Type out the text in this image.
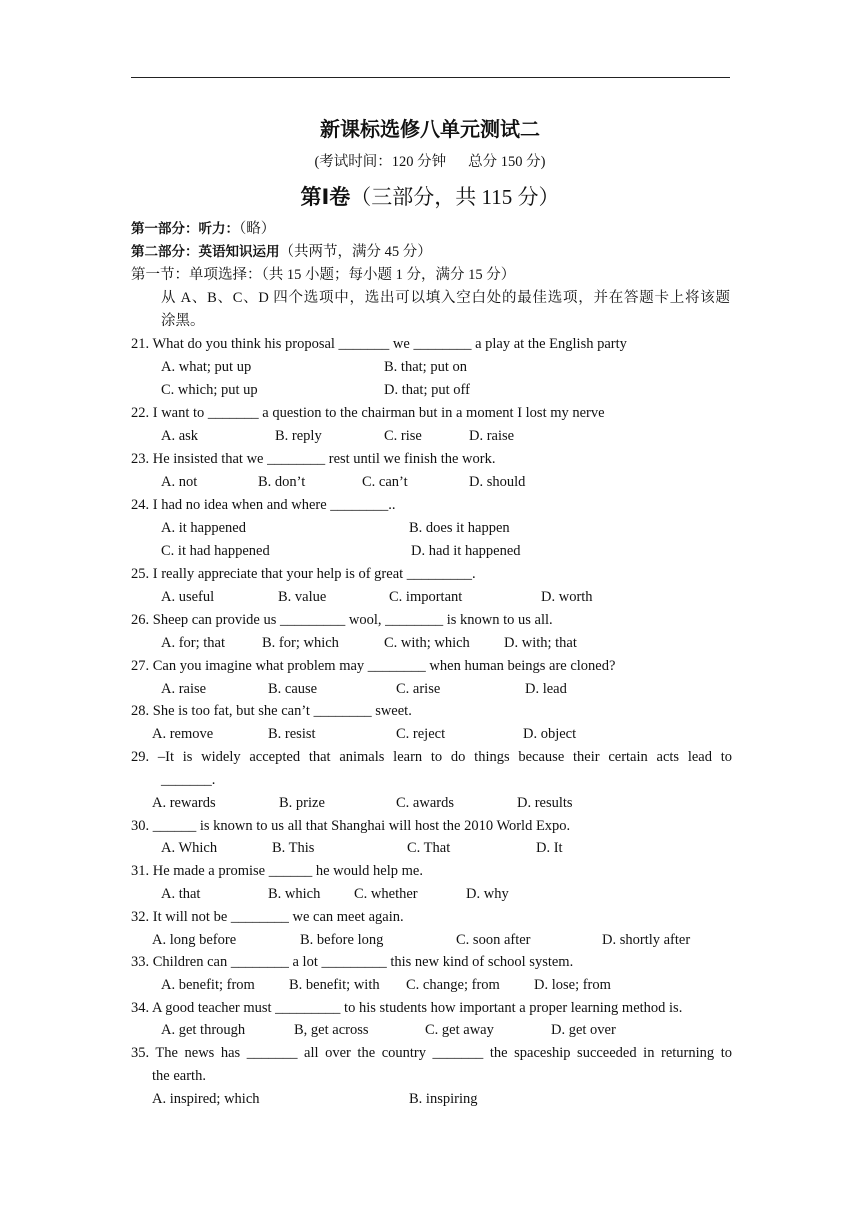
新课标选修八单元测试二
(考试时间：120 分钟 总分 150 分)
第Ⅰ卷（三部分，共 115 分）
第一部分：听力：（略）
第二部分：英语知识运用（共两节，满分 45 分）
第一节：单项选择：（共 15 小题；每小题 1 分，满分 15 分）
从 A、B、C、D 四个选项中，选出可以填入空白处的最佳选项，并在答题卡上将该题
涂黑。
21. What do you think his proposal _______ we ________ a play at the English party
A. what; put up	B. that; put on
C. which; put up	D. that; put off
22. I want to _______ a question to the chairman but in a moment I lost my nerve
A. ask	B. reply	C. rise	D. raise
23. He insisted that we ________ rest until we finish the work.
A. not	B. don’t	C. can’t	D. should
24. I had no idea when and where ________..
A. it happened	B. does it happen
C. it had happened	D. had it happened
25. I really appreciate that your help is of great _________.
A. useful	B. value	C. important	D. worth
26. Sheep can provide us _________ wool, ________ is known to us all.
A. for; that	B. for; which	C. with; which D. with; that
27. Can you imagine what problem may ________ when human beings are cloned?
A. raise	B. cause	C. arise	D. lead
28. She is too fat, but she can’t ________ sweet.
A. remove	B. resist	C. reject	D. object
29. –It is widely accepted that animals learn to do things because their certain acts lead to
_______.
A. rewards	B. prize	C. awards	D. results
30. ______ is known to us all that Shanghai will host the 2010 World Expo.
A. Which	B. This	C. That	D. It
31. He made a promise ______ he would help me.
A. that	B. which C. whether	D. why
32. It will not be ________ we can meet again.
A. long before	B. before long	C. soon after	D. shortly after
33. Children can ________ a lot _________ this new kind of school system.
A. benefit; from B. benefit; with C. change; from D. lose; from
34. A good teacher must _________ to his students how important a proper learning method is.
A. get through	B, get across	C. get away	D. get over
35. The news has _______ all over the country _______ the spaceship succeeded in returning to
the earth.
A. inspired; which	B. inspiring
